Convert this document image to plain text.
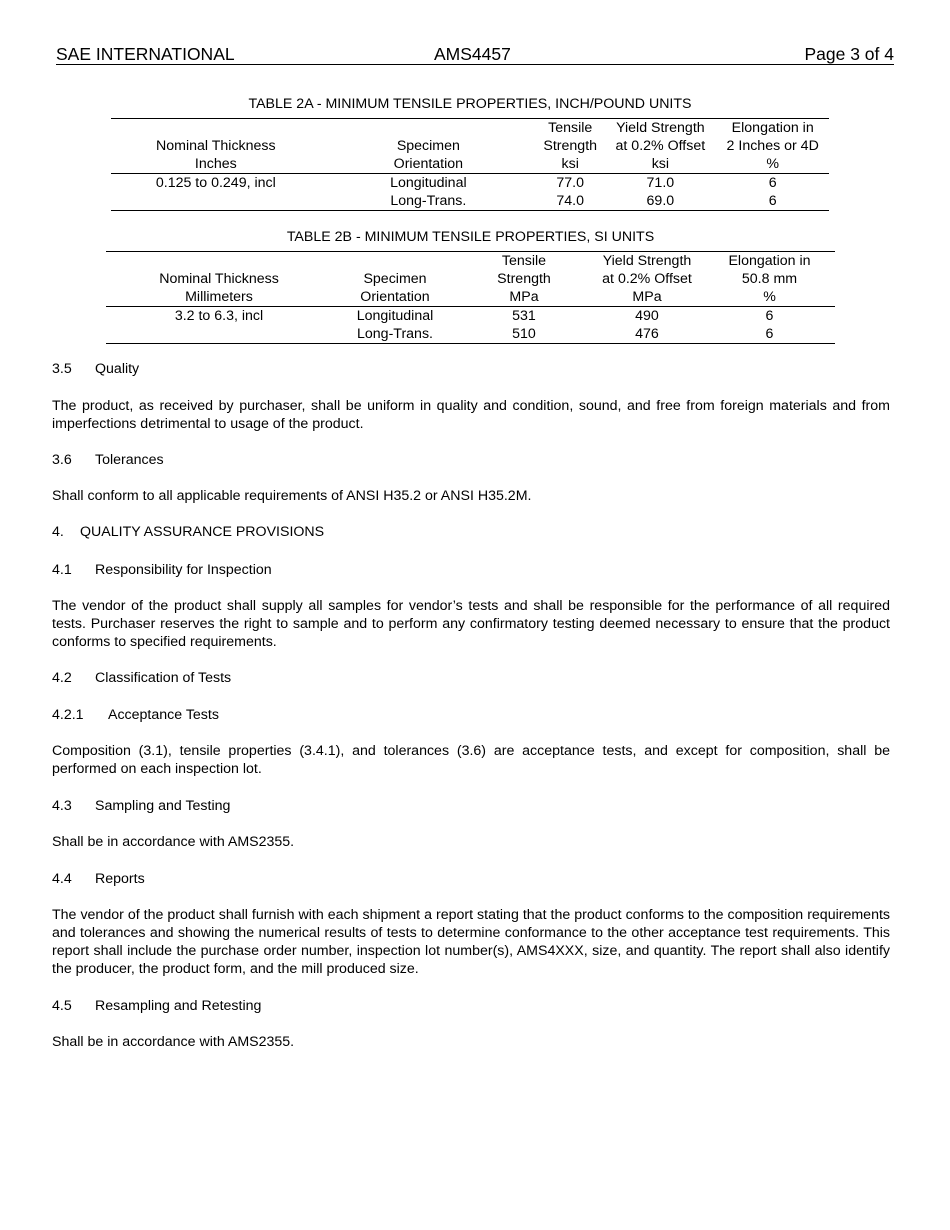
SAE INTERNATIONAL	AMS4457	Page 3 of 4
TABLE 2A - MINIMUM TENSILE PROPERTIES, INCH/POUND UNITS
		Tensile	Yield Strength	Elongation in
Nominal Thickness	Specimen	Strength	at 0.2% Offset	2 Inches or 4D
Inches	Orientation	ksi	ksi	%
0.125 to 0.249, incl	Longitudinal	77.0	71.0	6
	Long-Trans.	74.0	69.0	6
TABLE 2B - MINIMUM TENSILE PROPERTIES, SI UNITS
		Tensile	Yield Strength	Elongation in
Nominal Thickness	Specimen	Strength	at 0.2% Offset	50.8 mm
Millimeters	Orientation	MPa	MPa	%
3.2 to 6.3, incl	Longitudinal	531	490	6
	Long-Trans.	510	476	6
3.5 Quality
The product, as received by purchaser, shall be uniform in quality and condition, sound, and free from foreign materials and from imperfections detrimental to usage of the product.
3.6 Tolerances
Shall conform to all applicable requirements of ANSI H35.2 or ANSI H35.2M.
4. QUALITY ASSURANCE PROVISIONS
4.1 Responsibility for Inspection
The vendor of the product shall supply all samples for vendor’s tests and shall be responsible for the performance of all required tests. Purchaser reserves the right to sample and to perform any confirmatory testing deemed necessary to ensure that the product conforms to specified requirements.
4.2 Classification of Tests
4.2.1 Acceptance Tests
Composition (3.1), tensile properties (3.4.1), and tolerances (3.6) are acceptance tests, and except for composition, shall be performed on each inspection lot.
4.3 Sampling and Testing
Shall be in accordance with AMS2355.
4.4 Reports
The vendor of the product shall furnish with each shipment a report stating that the product conforms to the composition requirements and tolerances and showing the numerical results of tests to determine conformance to the other acceptance test requirements. This report shall include the purchase order number, inspection lot number(s), AMS4XXX, size, and quantity. The report shall also identify the producer, the product form, and the mill produced size.
4.5 Resampling and Retesting
Shall be in accordance with AMS2355.
